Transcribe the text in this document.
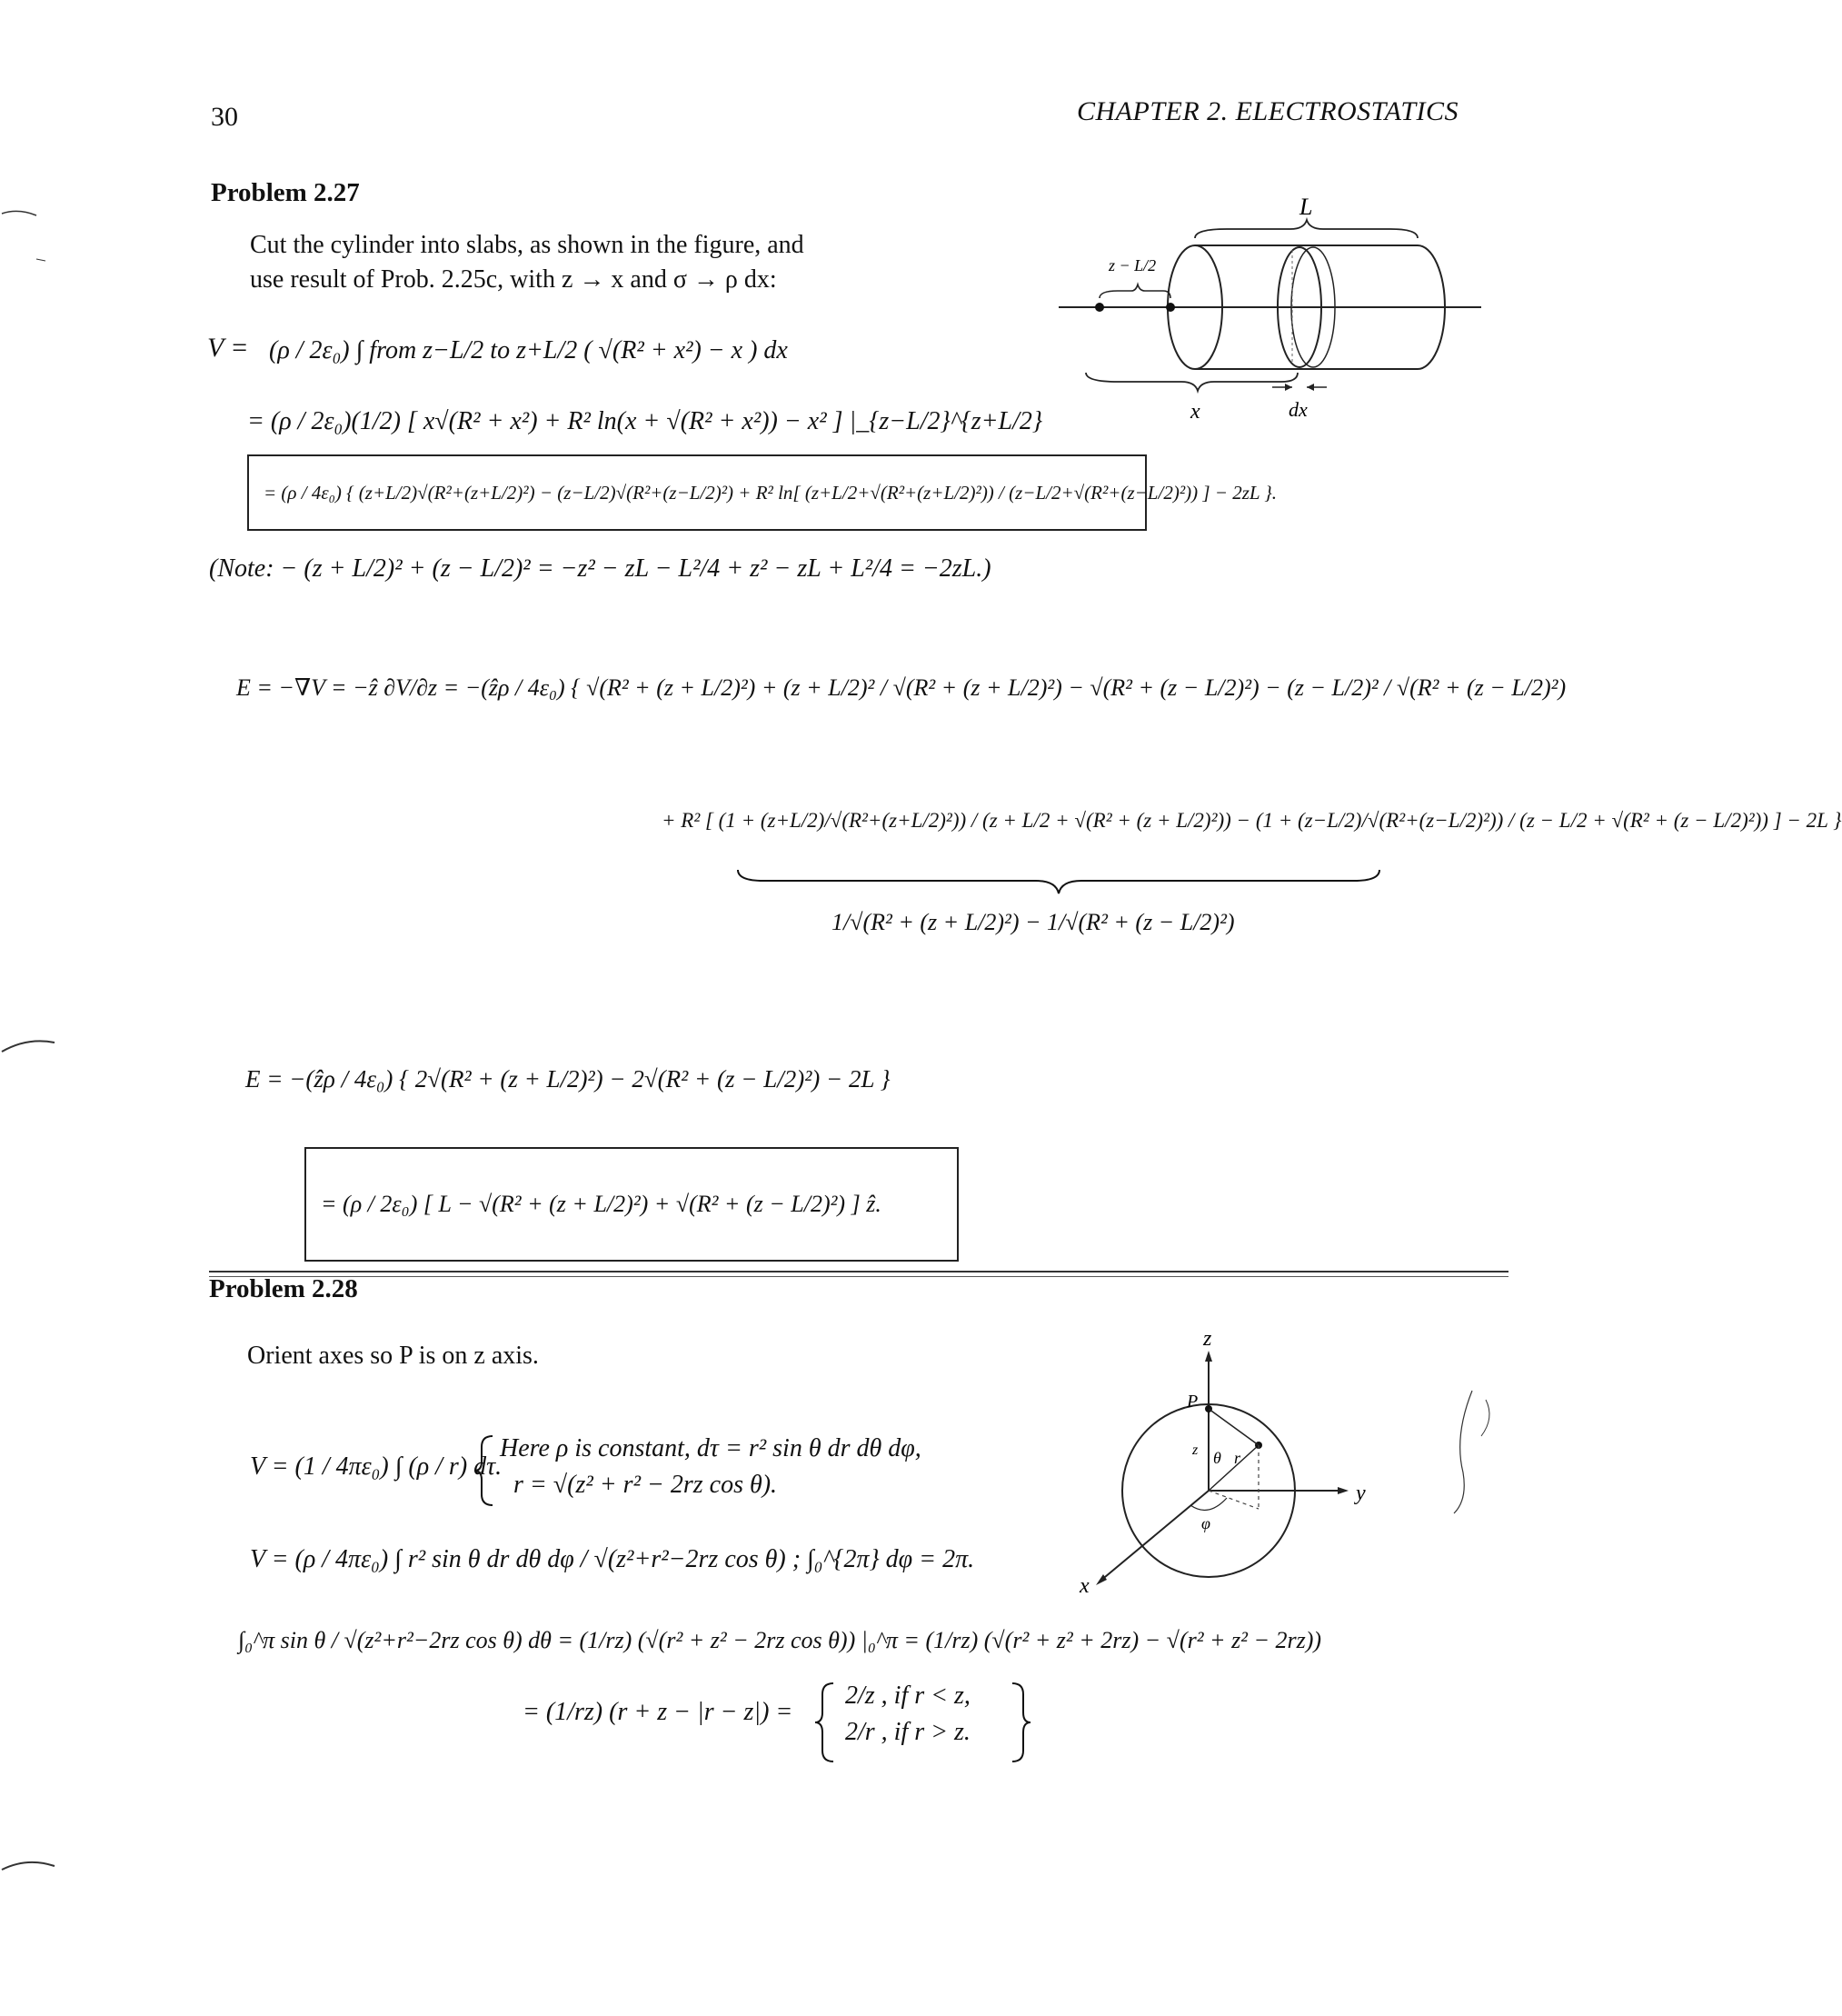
30	CHAPTER 2. ELECTROSTATICS
Problem 2.27
Cut the cylinder into slabs, as shown in the figure, and
use result of Prob. 2.25c, with z → x and σ → ρ dx:
L
z − L/2
x	dx
V = (ρ / 2ε₀) ∫ from z−L/2 to z+L/2 ( √(R² + x²) − x ) dx
= (ρ / 2ε₀)(1/2) [ x√(R² + x²) + R² ln(x + √(R² + x²)) − x² ] |_{z−L/2}^{z+L/2}
= (ρ / 4ε₀) { (z+L/2)√(R²+(z+L/2)²) − (z−L/2)√(R²+(z−L/2)²) + R² ln[ (z+L/2+√(R²+(z+L/2)²)) / (z−L/2+√(R²+(z−L/2)²)) ] − 2zL }.
(Note: − (z + L/2)² + (z − L/2)² = −z² − zL − L²/4 + z² − zL + L²/4 = −2zL.)
E = −∇V = −ẑ ∂V/∂z = −(ẑρ / 4ε₀) { √(R² + (z + L/2)²) + (z + L/2)² / √(R² + (z + L/2)²) − √(R² + (z − L/2)²) − (z − L/2)² / √(R² + (z − L/2)²)
+ R² [ (1 + (z+L/2)/√(R²+(z+L/2)²)) / (z + L/2 + √(R² + (z + L/2)²)) − (1 + (z−L/2)/√(R²+(z−L/2)²)) / (z − L/2 + √(R² + (z − L/2)²)) ] − 2L }
1/√(R² + (z + L/2)²) − 1/√(R² + (z − L/2)²)
E = −(ẑρ / 4ε₀) { 2√(R² + (z + L/2)²) − 2√(R² + (z − L/2)²) − 2L }
= (ρ / 2ε₀) [ L − √(R² + (z + L/2)²) + √(R² + (z − L/2)²) ] ẑ.
Problem 2.28
Orient axes so P is on z axis.
V = (1 / 4πε₀) ∫ (ρ / r) dτ.
Here ρ is constant, dτ = r² sin θ dr dθ dφ,
r = √(z² + r² − 2rz cos θ).
V = (ρ / 4πε₀) ∫ r² sin θ dr dθ dφ / √(z²+r²−2rz cos θ) ; ∫₀^{2π} dφ = 2π.
∫₀^π sin θ / √(z²+r²−2rz cos θ) dθ = (1/rz) (√(r² + z² − 2rz cos θ)) |₀^π = (1/rz) (√(r² + z² + 2rz) − √(r² + z² − 2rz))
= (1/rz) (r + z − |r − z|) =
2/z , if r < z,
2/r , if r > z.
z
y
x
P
r
θ
z
φ
